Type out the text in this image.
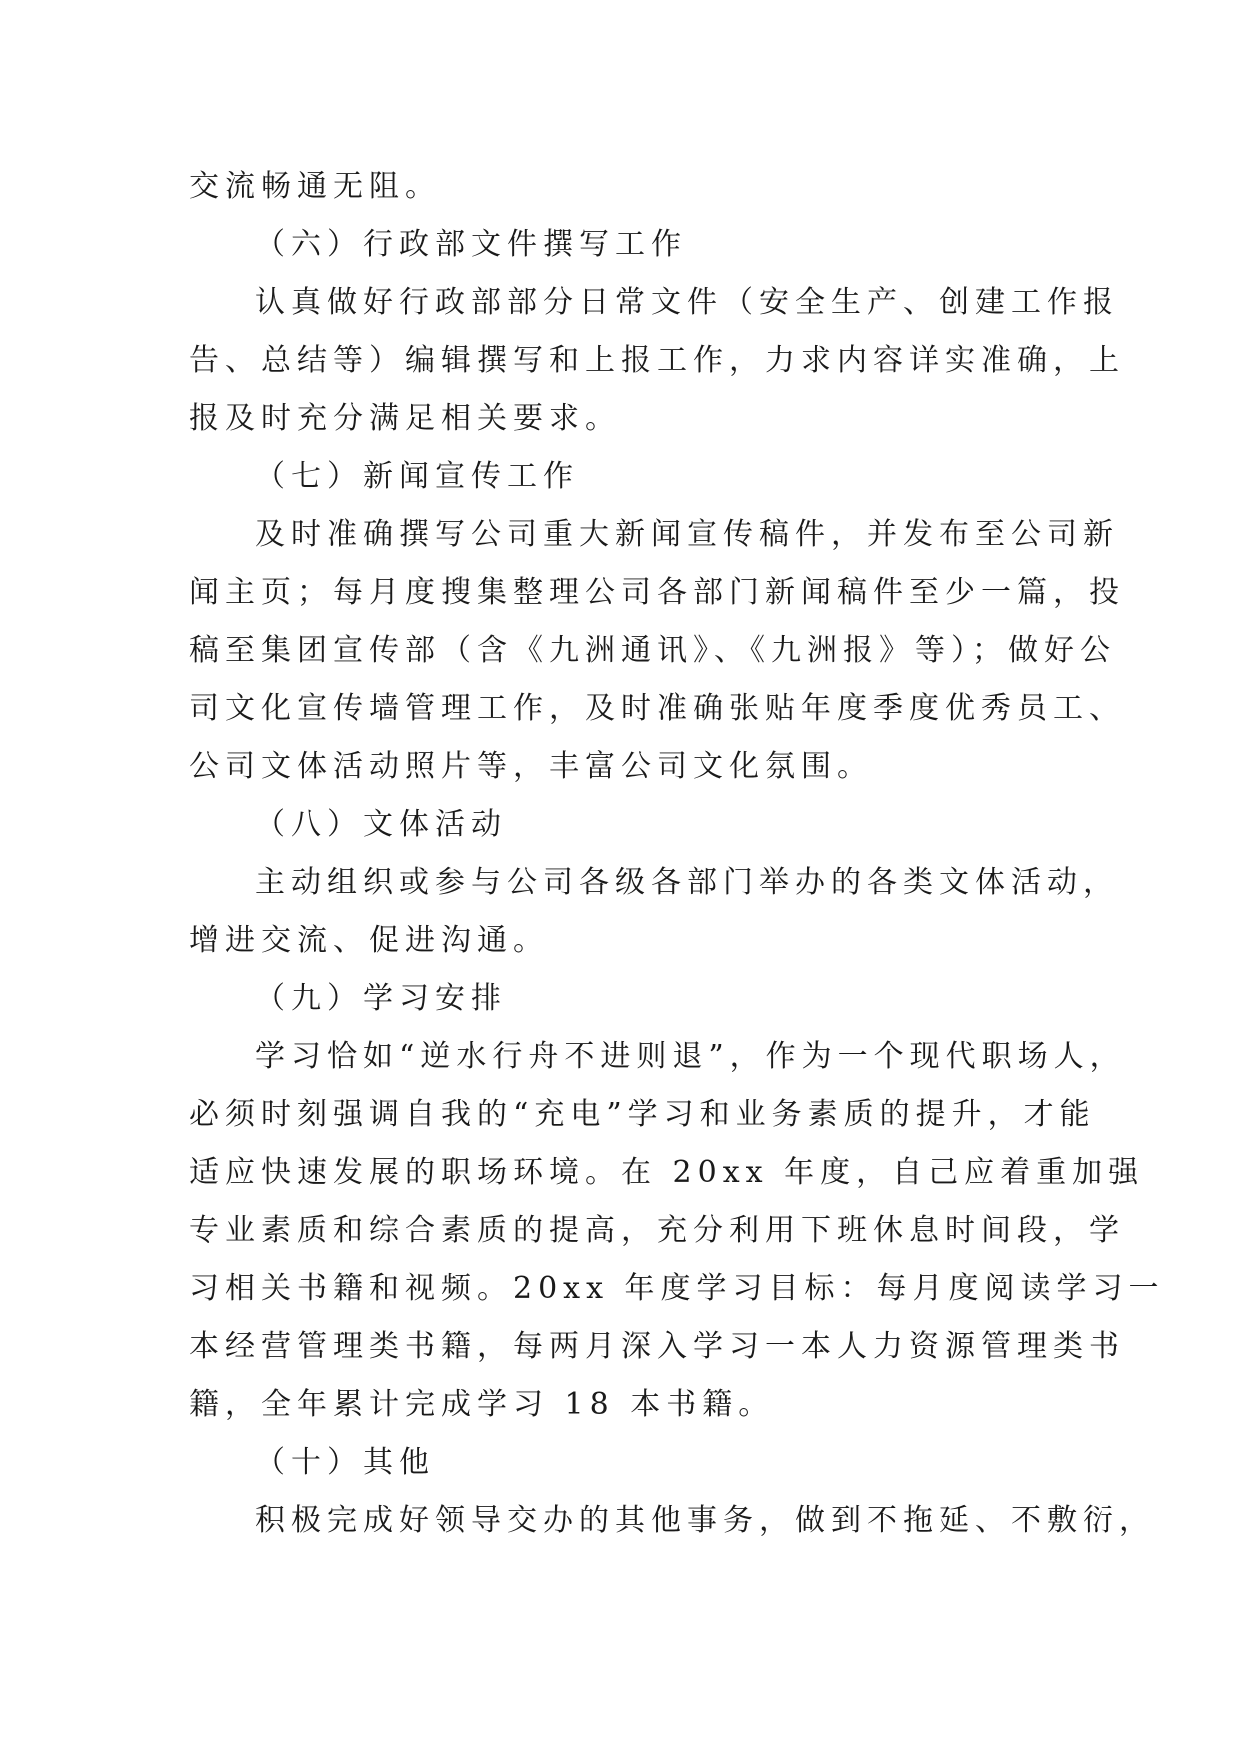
交流畅通无阻。
（六）行政部文件撰写工作
认真做好行政部部分日常文件（安全生产、创建工作报
告、总结等）编辑撰写和上报工作，力求内容详实准确，上
报及时充分满足相关要求。
（七）新闻宣传工作
及时准确撰写公司重大新闻宣传稿件，并发布至公司新
闻主页；每月度搜集整理公司各部门新闻稿件至少一篇，投
稿至集团宣传部（含《九洲通讯》、《九洲报》等）；做好公
司文化宣传墙管理工作，及时准确张贴年度季度优秀员工、
公司文体活动照片等，丰富公司文化氛围。
（八）文体活动
主动组织或参与公司各级各部门举办的各类文体活动，
增进交流、促进沟通。
（九）学习安排
学习恰如“逆水行舟不进则退”，作为一个现代职场人，
必须时刻强调自我的“充电”学习和业务素质的提升，才能
适应快速发展的职场环境。在 20xx 年度，自己应着重加强
专业素质和综合素质的提高，充分利用下班休息时间段，学
习相关书籍和视频。20xx 年度学习目标：每月度阅读学习一
本经营管理类书籍，每两月深入学习一本人力资源管理类书
籍，全年累计完成学习 18 本书籍。
（十）其他
积极完成好领导交办的其他事务，做到不拖延、不敷衍，
